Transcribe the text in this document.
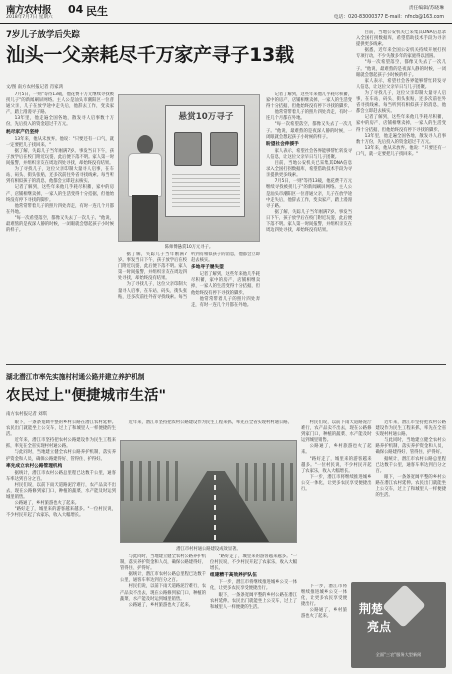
南方农村报
2018年7月7日 星期六
04 民生	责任编辑/苏晓琳
电话：020-83000377 E-mail：nfncb@163.com
7岁儿子放学后失踪
汕头一父亲耗尽千万家产寻子13载
文/图 南方农村报记者 肖家鸿

7月5日，一则"等待13载，他花费千万元继续寻找被拐儿子"的新闻刷屏网络。主人公是汕头市潮阳区一位普通父亲，儿子在放学途中走失后，他辞去工作，变卖家产，踏上漫漫寻子路。

13年里，他走遍全国各地，散发寻人启事数十万份，先后投入的资金超过千万元。

耗尽家产仍坚持

13年来，他从未放弃。他说："只要还有一口气，就一定要把儿子找回来。"

据了解，失踪儿子当年刚满7岁。事发当日下午，孩子放学后在校门附近玩耍，此后便下落不明。家人第一时间报警，并组织亲友在周边四处寻找，却始终没有结果。

为了寻找儿子，这位父亲印制大量寻人启事，在车站、码头、街头张贴，还多次前往外省寻找线索。每当听到有相似孩子的消息，他都会立即赶去核实。

记者了解到，这些年来他几乎耗尽积蓄，家中的房产、店铺相继卖掉，一家人的生活变得十分拮据，但他始终没有停下寻找的脚步。

他常常带着儿子的照片四处奔走，有时一连几个月都在外地。

"每一次希望落空，都像又失去了一次儿子。"他说，最难熬的是夜深人静的时候，一闭眼就会想起孩子小时候的样子。

悬赏10万寻子
陈师傅悬赏10万元寻子。

据了解，失踪儿子当年刚满7岁。事发当日下午，孩子放学后在校门附近玩耍，此后便下落不明。家人第一时间报警，并组织亲友在周边四处寻找，却始终没有结果。

为了寻找儿子，这位父亲印制大量寻人启事，在车站、码头、街头张贴，还多次前往外省寻找线索。每当听到有相似孩子的消息，他都会立即赶去核实。

多地寻子屡失望

记者了解到，这些年来他几乎耗尽积蓄，家中的房产、店铺相继卖掉，一家人的生活变得十分拮据，但他始终没有停下寻找的脚步。

他常常带着儿子的照片四处奔走，有时一连几个月都在外地。

记者了解到，这些年来他几乎耗尽积蓄，家中的房产、店铺相继卖掉，一家人的生活变得十分拮据，但他始终没有停下寻找的脚步。

他常常带着儿子的照片四处奔走，有时一连几个月都在外地。

"每一次希望落空，都像又失去了一次儿子。"他说，最难熬的是夜深人静的时候，一闭眼就会想起孩子小时候的样子。

盼望社会伸援手

家人表示，希望社会各界能够帮忙转发寻人信息，让这位父亲早日与儿子团聚。

目前，当地公安机关已采集其DNA信息录入全国打拐数据库，希望借助技术手段为寻亲提供更多线索。

7月5日，一则"等待13载，他花费千万元继续寻找被拐儿子"的新闻刷屏网络。主人公是汕头市潮阳区一位普通父亲，儿子在放学途中走失后，他辞去工作，变卖家产，踏上漫漫寻子路。

据了解，失踪儿子当年刚满7岁。事发当日下午，孩子放学后在校门附近玩耍，此后便下落不明。家人第一时间报警，并组织亲友在周边四处寻找，却始终没有结果。

目前，当地公安机关已采集其DNA信息录入全国打拐数据库，希望借助技术手段为寻亲提供更多线索。

据悉，近年来全国公安机关持续开展打拐专项行动，不少失散多年的家庭得以团圆。

"每一次希望落空，都像又失去了一次儿子。"他说，最难熬的是夜深人静的时候，一闭眼就会想起孩子小时候的样子。

家人表示，希望社会各界能够帮忙转发寻人信息，让这位父亲早日与儿子团聚。

为了寻找儿子，这位父亲印制大量寻人启事，在车站、码头、街头张贴，还多次前往外省寻找线索。每当听到有相似孩子的消息，他都会立即赶去核实。

记者了解到，这些年来他几乎耗尽积蓄，家中的房产、店铺相继卖掉，一家人的生活变得十分拮据，但他始终没有停下寻找的脚步。

13年里，他走遍全国各地，散发寻人启事数十万份，先后投入的资金超过千万元。

13年来，他从未放弃。他说："只要还有一口气，就一定要把儿子找回来。"

湖北潜江市率先实施村村通公路并建立养护机制
农民过上"便捷城市生活"
南方农村报记者 刘琪

眼下，一条条宽阔平整的乡村公路在潜江农村延伸。农民出门就能坐上公交车，过上了和城里人一样便捷的生活。

近年来，潜江市坚持把农村公路建设作为民生工程来抓，率先在全省实现村村通公路。

与此同时，当地建立健全农村公路养护机制，落实养护资金和人员，确保公路建得好、管得住、护得好。

率先成立农村公路管理机构

据统计，潜江市农村公路总里程已达数千公里，通客车率达到百分之百。

村民们说，以前下雨天道路泥泞难行，农产品卖不出去，现在公路修到家门口，种植的蔬菜、水产能及时运到城里销售。

公路通了，乡村旅游也火了起来。

"路好走了，城里来的游客越来越多。"一位村民说，不少村民开起了农家乐，收入大幅增长。

近年来，潜江市坚持把农村公路建设作为民生工程来抓，率先在全省实现村村通公路。

潜江市村村通公路建设成效显著。

与此同时，当地建立健全农村公路养护机制，落实养护资金和人员，确保公路建得好、管得住、护得好。

据统计，潜江市农村公路总里程已达数千公里，通客车率达到百分之百。

村民们说，以前下雨天道路泥泞难行，农产品卖不出去，现在公路修到家门口，种植的蔬菜、水产能及时运到城里销售。

公路通了，乡村旅游也火了起来。

"路好走了，城里来的游客越来越多。"一位村民说，不少村民开起了农家乐，收入大幅增长。

组建精干高效养护队伍

下一步，潜江市将继续推进城乡公交一体化，让更多农民享受便捷出行。

眼下，一条条宽阔平整的乡村公路在潜江农村延伸。农民出门就能坐上公交车，过上了和城里人一样便捷的生活。

村民们说，以前下雨天道路泥泞难行，农产品卖不出去，现在公路修到家门口，种植的蔬菜、水产能及时运到城里销售。

公路通了，乡村旅游也火了起来。

"路好走了，城里来的游客越来越多。"一位村民说，不少村民开起了农家乐，收入大幅增长。

下一步，潜江市将继续推进城乡公交一体化，让更多农民享受便捷出行。

近年来，潜江市坚持把农村公路建设作为民生工程来抓，率先在全省实现村村通公路。

与此同时，当地建立健全农村公路养护机制，落实养护资金和人员，确保公路建得好、管得住、护得好。

据统计，潜江市农村公路总里程已达数千公里，通客车率达到百分之百。

眼下，一条条宽阔平整的乡村公路在潜江农村延伸。农民出门就能坐上公交车，过上了和城里人一样便捷的生活。

下一步，潜江市将继续推进城乡公交一体化，让更多农民享受便捷出行。

公路通了，乡村旅游也火了起来。

荆楚
亮点
全面"三农"服务大型新闻
